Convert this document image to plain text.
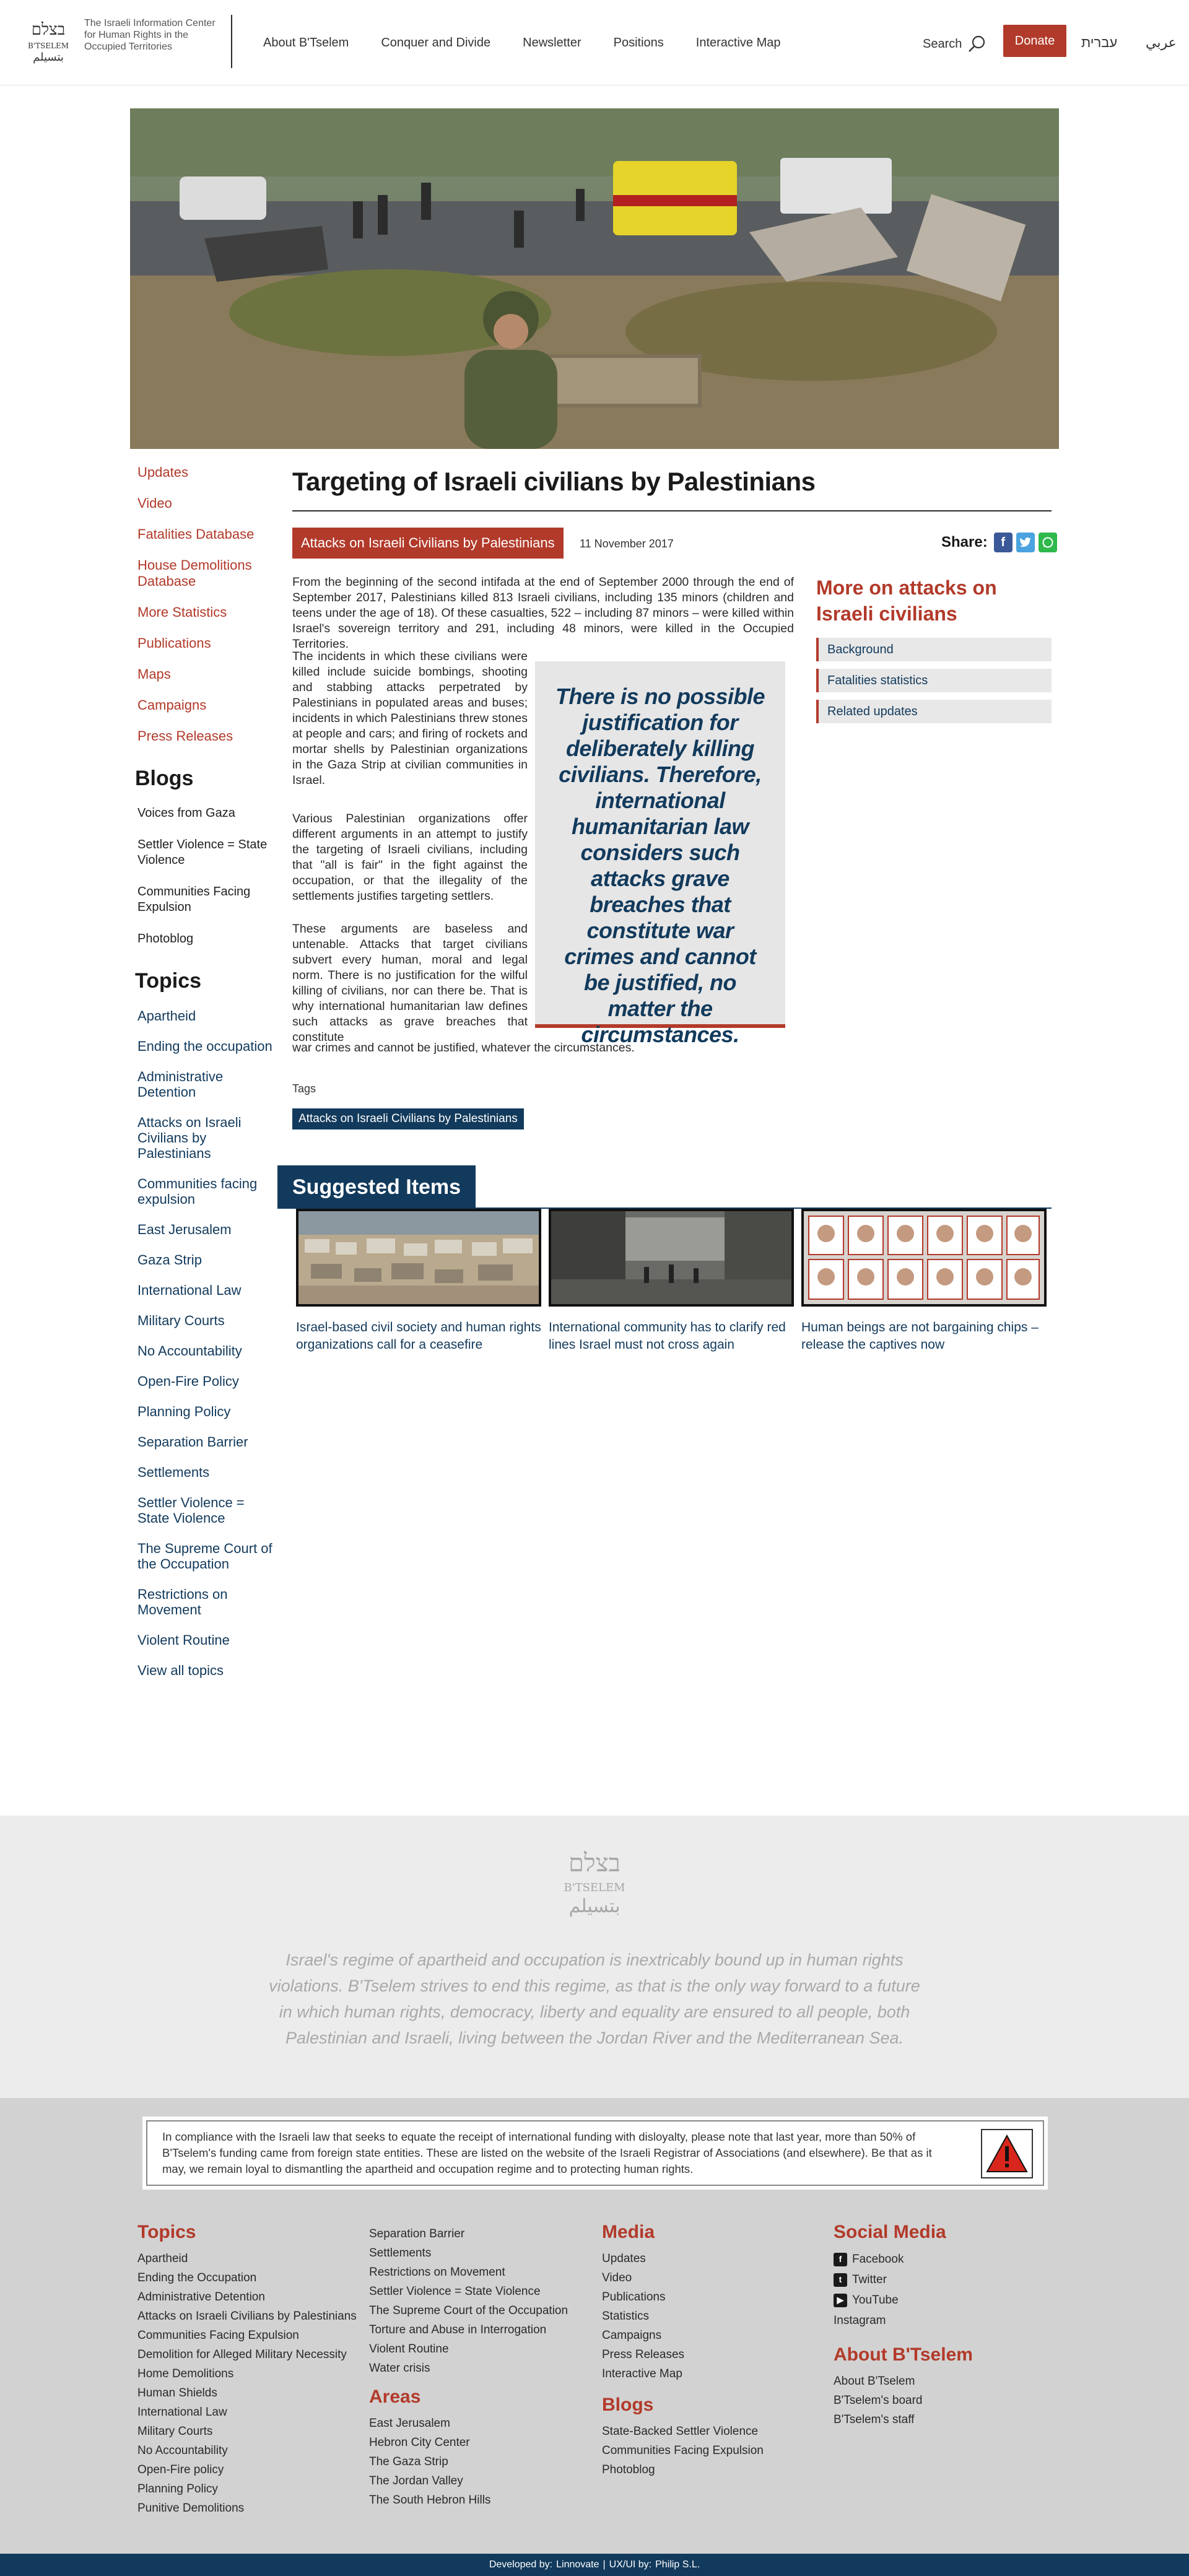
בצלם
B'TSELEM
بتسيلم
The Israeli Information Center for Human Rights in the Occupied Territories	About B'Tselem	Conquer and Divide	Newsletter	Positions	Interactive Map	Search	Donate	עברית عربي
Updates
Video
Fatalities Database
House Demolitions Database
More Statistics
Publications
Maps
Campaigns
Press Releases
Blogs
Voices from Gaza
Settler Violence = State Violence
Communities Facing Expulsion
Photoblog
Topics
Apartheid
Ending the occupation
Administrative Detention
Attacks on Israeli Civilians by Palestinians
Communities facing expulsion
East Jerusalem
Gaza Strip
International Law
Military Courts
No Accountability
Open-Fire Policy
Planning Policy
Separation Barrier
Settlements
Settler Violence = State Violence
The Supreme Court of the Occupation
Restrictions on Movement
Violent Routine
View all topics
Targeting of Israeli civilians by Palestinians
Attacks on Israeli Civilians by Palestinians	11 November 2017	Share:	f

From the beginning of the second intifada at the end of September 2000 through the end of September 2017, Palestinians killed 813 Israeli civilians, including 135 minors (children and teens under the age of 18). Of these casualties, 522 – including 87 minors – were killed within Israel's sovereign territory and 291, including 48 minors, were killed in the Occupied Territories.

The incidents in which these civilians were killed include suicide bombings, shooting and stabbing attacks perpetrated by Palestinians in populated areas and buses; incidents in which Palestinians threw stones at people and cars; and firing of rockets and mortar shells by Palestinian organizations in the Gaza Strip at civilian communities in Israel.

Various Palestinian organizations offer different arguments in an attempt to justify the targeting of Israeli civilians, including that "all is fair" in the fight against the occupation, or that the illegality of the settlements justifies targeting settlers.

These arguments are baseless and untenable. Attacks that target civilians subvert every human, moral and legal norm. There is no justification for the wilful killing of civilians, nor can there be. That is why international humanitarian law defines such attacks as grave breaches that constitute

war crimes and cannot be justified, whatever the circumstances.

There is no possible justification for deliberately killing civilians. Therefore, international humanitarian law considers such attacks grave breaches that constitute war crimes and cannot be justified, no matter the circumstances.

Tags
Attacks on Israeli Civilians by Palestinians
More on attacks on Israeli civilians
Background
Fatalities statistics
Related updates
Suggested Items

Israel-based civil society and human rights organizations call for a ceasefire

International community has to clarify red lines Israel must not cross again

Human beings are not bargaining chips – release the captives now

בצלם
B'TSELEM
بتسيلم

Israel's regime of apartheid and occupation is inextricably bound up in human rights violations. B'Tselem strives to end this regime, as that is the only way forward to a future in which human rights, democracy, liberty and equality are ensured to all people, both Palestinian and Israeli, living between the Jordan River and the Mediterranean Sea.

In compliance with the Israeli law that seeks to equate the receipt of international funding with disloyalty, please note that last year, more than 50% of B'Tselem's funding came from foreign state entities. These are listed on the website of the Israeli Registrar of Associations (and elsewhere). Be that as it may, we remain loyal to dismantling the apartheid and occupation regime and to protecting human rights.

Topics
Apartheid
Ending the Occupation
Administrative Detention
Attacks on Israeli Civilians by Palestinians
Communities Facing Expulsion
Demolition for Alleged Military Necessity
Home Demolitions
Human Shields
International Law
Military Courts
No Accountability
Open-Fire policy
Planning Policy
Punitive Demolitions
Separation Barrier
Settlements
Restrictions on Movement
Settler Violence = State Violence
The Supreme Court of the Occupation
Torture and Abuse in Interrogation
Violent Routine
Water crisis
Areas
East Jerusalem
Hebron City Center
The Gaza Strip
The Jordan Valley
The South Hebron Hills
Media
Updates
Video
Publications
Statistics
Campaigns
Press Releases
Interactive Map
Blogs
State-Backed Settler Violence
Communities Facing Expulsion
Photoblog
Social Media
f Facebook
t Twitter
▶ YouTube
Instagram
About B'Tselem
About B'Tselem
B'Tselem's board
B'Tselem's staff
Developed by: Linnovate | UX/UI by: Philip S.L.
